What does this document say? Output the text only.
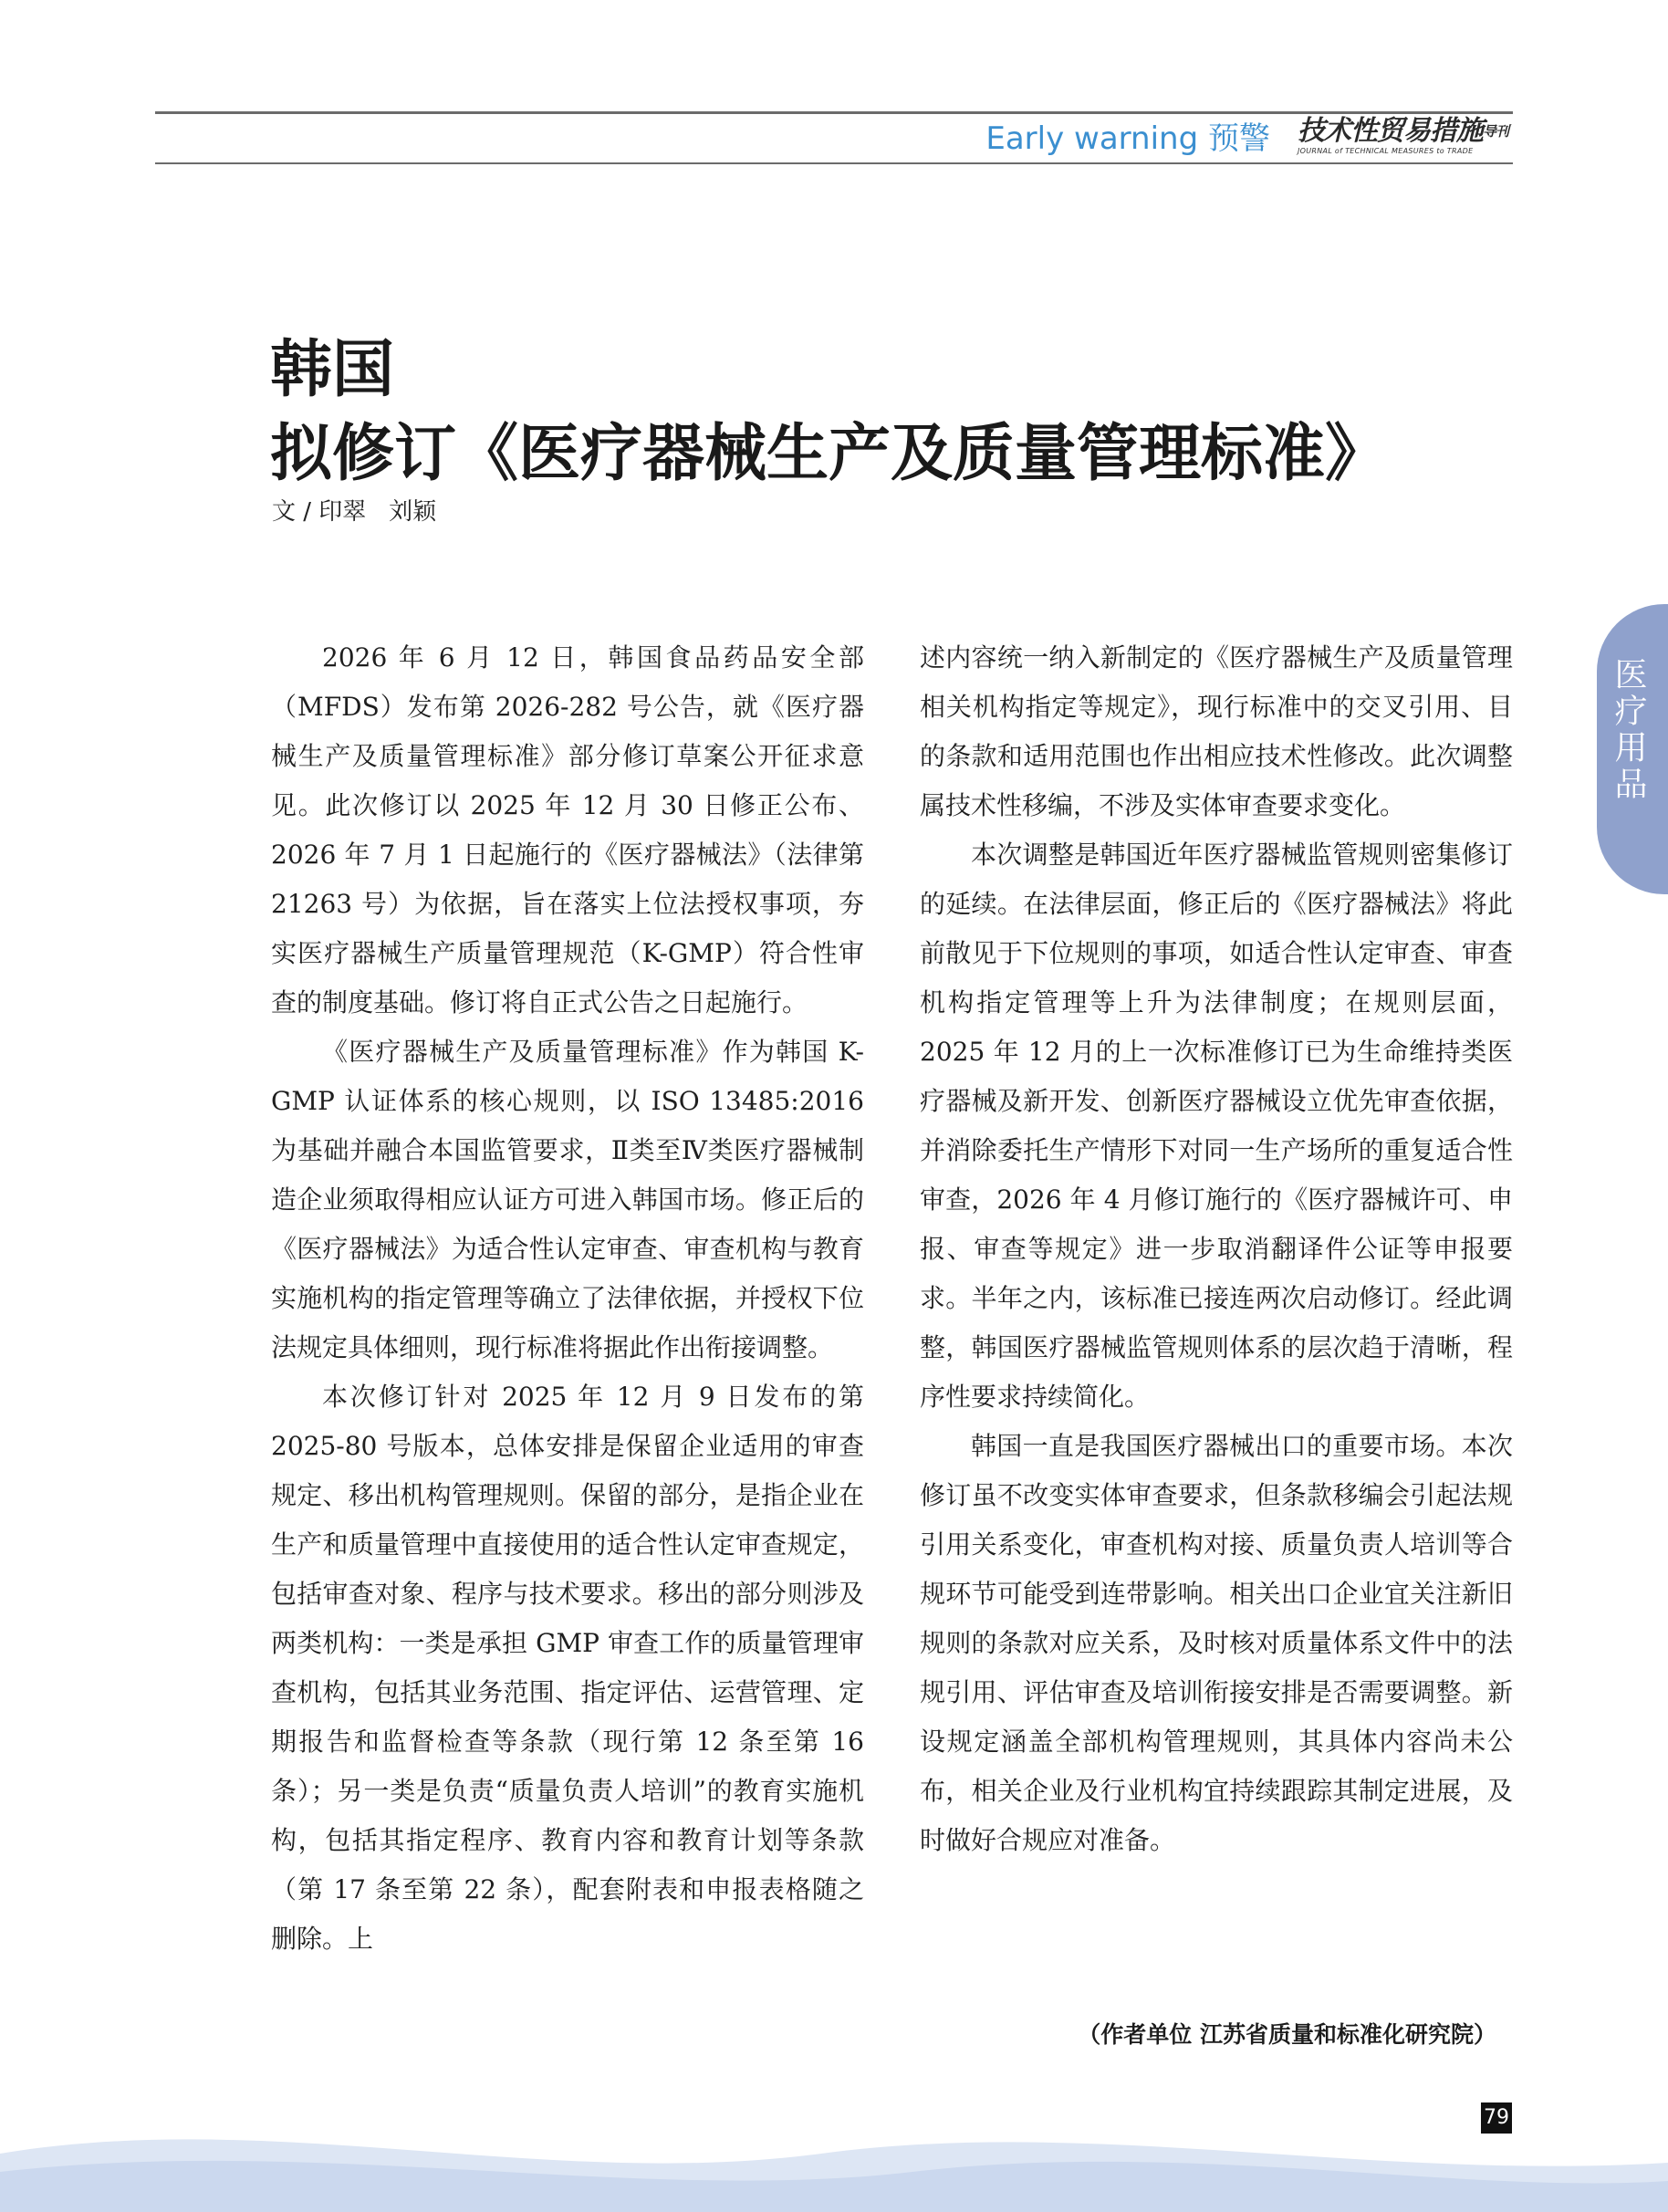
Early warning 预警 技术性贸易措施$^{导刊}$
JOURNAL of TECHNICAL MEASURES to TRADE
韩国
拟修订《医疗器械生产及质量管理标准》
文 / 印翠   刘颖

2026 年 6 月 12 日，韩国食品药品安全部（MFDS）发布第 2026-282 号公告，就《医疗器械生产及质量管理标准》部分修订草案公开征求意见。此次修订以 2025 年 12 月 30 日修正公布、2026 年 7 月 1 日起施行的《医疗器械法》（法律第 21263 号）为依据，旨在落实上位法授权事项，夯实医疗器械生产质量管理规范（K-GMP）符合性审查的制度基础。修订将自正式公告之日起施行。

《医疗器械生产及质量管理标准》作为韩国 K-GMP 认证体系的核心规则，以 ISO 13485:2016 为基础并融合本国监管要求，Ⅱ类至Ⅳ类医疗器械制造企业须取得相应认证方可进入韩国市场。修正后的《医疗器械法》为适合性认定审查、审查机构与教育实施机构的指定管理等确立了法律依据，并授权下位法规定具体细则，现行标准将据此作出衔接调整。

本次修订针对 2025 年 12 月 9 日发布的第 2025-80 号版本，总体安排是保留企业适用的审查规定、移出机构管理规则。保留的部分，是指企业在生产和质量管理中直接使用的适合性认定审查规定，包括审查对象、程序与技术要求。移出的部分则涉及两类机构：一类是承担 GMP 审查工作的质量管理审查机构，包括其业务范围、指定评估、运营管理、定期报告和监督检查等条款（现行第 12 条至第 16 条）；另一类是负责“质量负责人培训”的教育实施机构，包括其指定程序、教育内容和教育计划等条款（第 17 条至第 22 条），配套附表和申报表格随之删除。上

述内容统一纳入新制定的《医疗器械生产及质量管理相关机构指定等规定》，现行标准中的交叉引用、目的条款和适用范围也作出相应技术性修改。此次调整属技术性移编，不涉及实体审查要求变化。

本次调整是韩国近年医疗器械监管规则密集修订的延续。在法律层面，修正后的《医疗器械法》将此前散见于下位规则的事项，如适合性认定审查、审查机构指定管理等上升为法律制度；在规则层面，2025 年 12 月的上一次标准修订已为生命维持类医疗器械及新开发、创新医疗器械设立优先审查依据，并消除委托生产情形下对同一生产场所的重复适合性审查，2026 年 4 月修订施行的《医疗器械许可、申报、审查等规定》进一步取消翻译件公证等申报要求。半年之内，该标准已接连两次启动修订。经此调整，韩国医疗器械监管规则体系的层次趋于清晰，程序性要求持续简化。

韩国一直是我国医疗器械出口的重要市场。本次修订虽不改变实体审查要求，但条款移编会引起法规引用关系变化，审查机构对接、质量负责人培训等合规环节可能受到连带影响。相关出口企业宜关注新旧规则的条款对应关系，及时核对质量体系文件中的法规引用、评估审查及培训衔接安排是否需要调整。新设规定涵盖全部机构管理规则，其具体内容尚未公布，相关企业及行业机构宜持续跟踪其制定进展，及时做好合规应对准备。

（作者单位 江苏省质量和标准化研究院）
医疗用品
79
